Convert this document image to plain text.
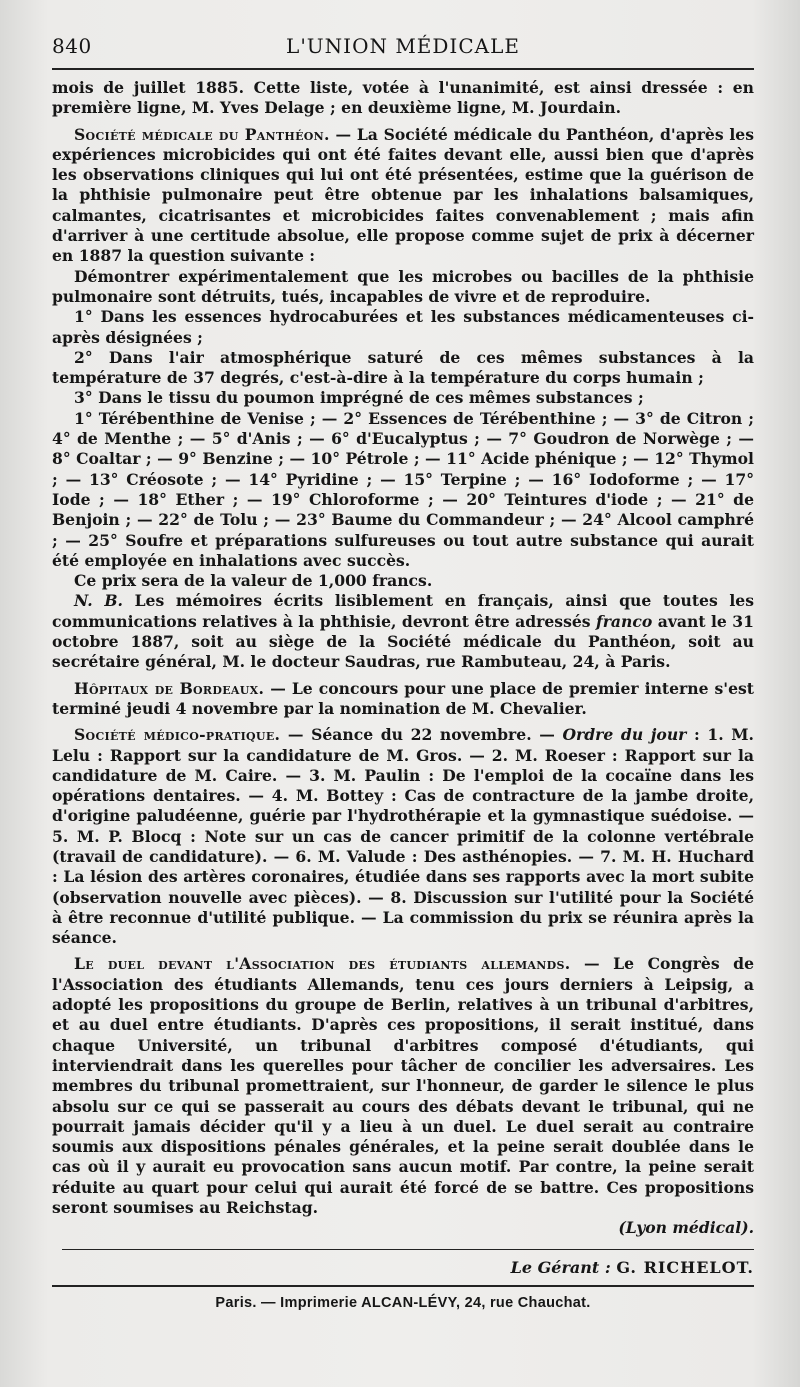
840	L'UNION MÉDICALE

mois de juillet 1885. Cette liste, votée à l'unanimité, est ainsi dressée : en première ligne, M. Yves Delage ; en deuxième ligne, M. Jourdain.

Société médicale du Panthéon. — La Société médicale du Panthéon, d'après les expériences microbicides qui ont été faites devant elle, aussi bien que d'après les observations cliniques qui lui ont été présentées, estime que la guérison de la phthisie pulmonaire peut être obtenue par les inhalations balsamiques, calmantes, cicatrisantes et microbicides faites convenablement ; mais afin d'arriver à une certitude absolue, elle propose comme sujet de prix à décerner en 1887 la question suivante :

Démontrer expérimentalement que les microbes ou bacilles de la phthisie pulmonaire sont détruits, tués, incapables de vivre et de reproduire.

1° Dans les essences hydrocaburées et les substances médicamenteuses ci-après désignées ;

2° Dans l'air atmosphérique saturé de ces mêmes substances à la température de 37 degrés, c'est-à-dire à la température du corps humain ;

3° Dans le tissu du poumon imprégné de ces mêmes substances ;

1° Térébenthine de Venise ; — 2° Essences de Térébenthine ; — 3° de Citron ; 4° de Menthe ; — 5° d'Anis ; — 6° d'Eucalyptus ; — 7° Goudron de Norwège ; — 8° Coaltar ; — 9° Benzine ; — 10° Pétrole ; — 11° Acide phénique ; — 12° Thymol ; — 13° Créosote ; — 14° Pyridine ; — 15° Terpine ; — 16° Iodoforme ; — 17° Iode ; — 18° Ether ; — 19° Chloroforme ; — 20° Teintures d'iode ; — 21° de Benjoin ; — 22° de Tolu ; — 23° Baume du Commandeur ; — 24° Alcool camphré ; — 25° Soufre et préparations sulfureuses ou tout autre substance qui aurait été employée en inhalations avec succès.

Ce prix sera de la valeur de 1,000 francs.

N. B. Les mémoires écrits lisiblement en français, ainsi que toutes les communications relatives à la phthisie, devront être adressés franco avant le 31 octobre 1887, soit au siège de la Société médicale du Panthéon, soit au secrétaire général, M. le docteur Saudras, rue Rambuteau, 24, à Paris.

Hôpitaux de Bordeaux. — Le concours pour une place de premier interne s'est terminé jeudi 4 novembre par la nomination de M. Chevalier.

Société médico-pratique. — Séance du 22 novembre. — Ordre du jour : 1. M. Lelu : Rapport sur la candidature de M. Gros. — 2. M. Roeser : Rapport sur la candidature de M. Caire. — 3. M. Paulin : De l'emploi de la cocaïne dans les opérations dentaires. — 4. M. Bottey : Cas de contracture de la jambe droite, d'origine paludéenne, guérie par l'hydrothérapie et la gymnastique suédoise. — 5. M. P. Blocq : Note sur un cas de cancer primitif de la colonne vertébrale (travail de candidature). — 6. M. Valude : Des asthénopies. — 7. M. H. Huchard : La lésion des artères coronaires, étudiée dans ses rapports avec la mort subite (observation nouvelle avec pièces). — 8. Discussion sur l'utilité pour la Société à être reconnue d'utilité publique. — La commission du prix se réunira après la séance.

Le duel devant l'Association des étudiants allemands. — Le Congrès de l'Association des étudiants Allemands, tenu ces jours derniers à Leipsig, a adopté les propositions du groupe de Berlin, relatives à un tribunal d'arbitres, et au duel entre étudiants. D'après ces propositions, il serait institué, dans chaque Université, un tribunal d'arbitres composé d'étudiants, qui interviendrait dans les querelles pour tâcher de concilier les adversaires. Les membres du tribunal promettraient, sur l'honneur, de garder le silence le plus absolu sur ce qui se passerait au cours des débats devant le tribunal, qui ne pourrait jamais décider qu'il y a lieu à un duel. Le duel serait au contraire soumis aux dispositions pénales générales, et la peine serait doublée dans le cas où il y aurait eu provocation sans aucun motif. Par contre, la peine serait réduite au quart pour celui qui aurait été forcé de se battre. Ces propositions seront soumises au Reichstag.

(Lyon médical).

Le Gérant : G. RICHELOT.
Paris. — Imprimerie ALCAN-LÉVY, 24, rue Chauchat.
